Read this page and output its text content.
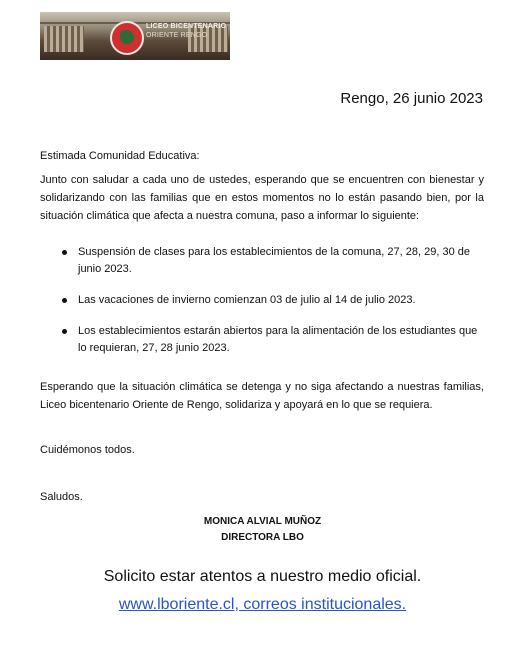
LICEO BICENTENARIO
ORIENTE RENGO
Rengo, 26 junio 2023
Estimada Comunidad Educativa:
Junto con saludar a cada uno de ustedes, esperando que se encuentren con bienestar y solidarizando con las familias que en estos momentos no lo están pasando bien, por la situación climática que afecta a nuestra comuna, paso a informar lo siguiente:
Suspensión de clases para los establecimientos de la comuna, 27, 28, 29, 30 de junio 2023.
Las vacaciones de invierno comienzan 03 de julio al 14 de julio 2023.
Los establecimientos estarán abiertos para la alimentación de los estudiantes que lo requieran, 27, 28 junio 2023.
Esperando que la situación climática se detenga y no siga afectando a nuestras familias, Liceo bicentenario Oriente de Rengo, solidariza y apoyará en lo que se requiera.
Cuidémonos todos.
Saludos.
MONICA ALVIAL MUÑOZ
DIRECTORA LBO
Solicito estar atentos a nuestro medio oficial.
www.lboriente.cl, correos institucionales.
